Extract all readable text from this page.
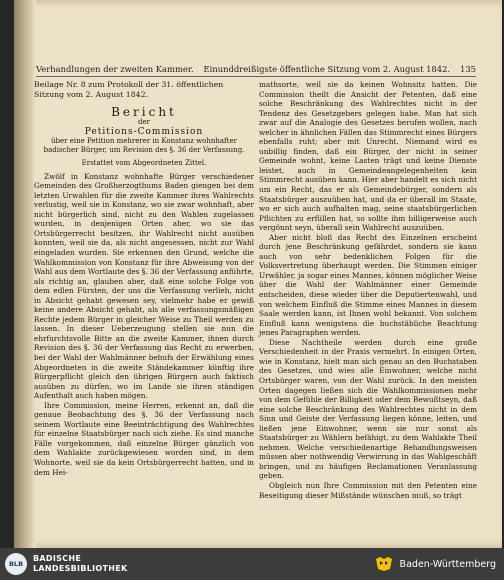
Verhandlungen der zweiten Kammer. Einunddreißigste öffentliche Sitzung vom 2. August 1842. 135

Beilage Nr. 8 zum Protokoll der 31. öffentlichen Sitzung vom 2. August 1842.

Bericht

der

Petitions-Commission

über eine Petition mehrerer in Konstanz wohnhafter badischer Bürger, um Revision des §. 36 der Verfassung.

Erstattet vom Abgeordneten Zittel.

Zwölf in Konstanz wohnhafte Bürger verschiedener Gemeinden des Großherzogthums Baden giengen bei dem letzten Urwahlen für die zweite Kammer ihres Wahlrechts verlustig, weil sie in Konstanz, wo sie zwar wohnhaft, aber nicht bürgerlich sind, nicht zu den Wahlen zugelassen wurden, in denjenigen Orten aber, wo sie das Ortsbürgerrecht besitzen, ihr Wahlrecht nicht ausüben konnten, weil sie da, als nicht angesessen, nicht zur Wahl eingeladen wurden. Sie erkennen den Grund, welche die Wahlkommission von Konstanz für ihre Abweisung von der Wahl aus dem Wortlaute des §. 36 der Verfassung anführte, als richtig an, glauben aber, daß eine solche Folge von dem edlen Fürsten, der uns die Verfassung verlieh, nicht in Absicht gehabt gewesen sey, vielmehr habe er gewiß keine andere Absicht gehabt, als alle verfassungsmäßigen Rechte jedem Bürger in gleicher Weise zu Theil werden zu lassen. In dieser Ueberzeugung stellen sie nun die ehrfurchtsvolle Bitte an die zweite Kammer, ihnen durch Revision des §. 36 der Verfassung das Recht zu erwerben, bei der Wahl der Wahlmänner behufs der Erwählung eines Abgeordneten in die zweite Ständekammer künftig ihre Bürgerpflicht gleich den übrigen Bürgern auch faktisch ausüben zu dürfen, wo im Lande sie ihren ständigen Aufenthalt auch haben mögen.

Ihre Commission, meine Herren, erkennt an, daß die genaue Beobachtung des §. 36 der Verfassung nach seinem Wortlaute eine Beeinträchtigung des Wahlrechtes für einzelne Staatsbürger nach sich ziehe. Es sind manche Fälle vorgekommen, daß einzelne Bürger gänzlich von dem Wahlakte zurückgewiesen worden sind, in dem Wohnorte, weil sie da kein Ortsbürgerrecht hatten, und in dem Hei-

mathsorte, weil sie da keinen Wohnsitz hatten. Die Commission theilt die Ansicht der Petenten, daß eine solche Beschränkung des Wahlrechtes nicht in der Tendenz des Gesetzgebers gelegen habe. Man hat sich zwar auf die Analogie des Gesetzes berufen wollen, nach welcher in ähnlichen Fällen das Stimmrecht eines Bürgers ebenfalls ruht; aber mit Unrecht. Niemand wird es unbillig finden, daß ein Bürger, der nicht in seiner Gemeinde wohnt, keine Lasten trägt und keine Dienste leistet, auch in Gemeindeangelegenheiten kein Stimmrecht ausüben kann. Hier aber handelt es sich nicht um ein Recht, das er als Gemeindebürger, sondern als Staatsbürger auszuüben hat, und da er überall im Staate, wo er sich auch aufhalten mag, seine staatsbürgerlichen Pflichten zu erfüllen hat, so sollte ihm billigerweise auch vergönnt seyn, überall sein Wahlrecht auszuüben.

Aber nicht bloß das Recht des Einzelnen erscheint durch jene Beschränkung gefährdet, sondern sie kann auch von sehr bedenklichen Folgen für die Volksvertretung überhaupt werden. Die Stimmen einiger Urwähler, ja sogar eines Mannes, können möglicher Weise über die Wahl der Wahlmänner einer Gemeinde entscheiden, diese wieder über die Deputiertenwahl, und von welchem Einfluß die Stimme eines Mannes in diesem Saale werden kann, ist Ihnen wohl bekannt. Von solchem Einfluß kann wenigstens die buchstäbliche Beachtung jenes Paragraphen werden.

Diese Nachtheile werden durch eine große Verschiedenheit in der Praxis vermehrt. In einigen Orten, wie in Konstanz, hielt man sich genau an den Buchstaben des Gesetzes, und wies alle Einwohner, welche nicht Ortsbürger waren, von der Wahl zurück. In den meisten Orten dagegen ließen sich die Wahlkommissionen mehr von dem Gefühle der Billigkeit oder dem Bewußtseyn, daß eine solche Beschränkung des Wahlrechtes nicht in dem Sinn und Geiste der Verfassung liegen könne, leiten, und ließen jene Einwohner, wenn sie nur sonst als Staatsbürger zu Wählern befähigt, zu dem Wahlakte Theil nehmen. Welche verschiedenartige Behandlungsweisen müssen aber nothwendig Verwirrung in das Wahlgeschäft bringen, und zu häufigen Reclamationen Veranlassung geben.

Obgleich nun Ihre Commission mit den Petenten eine Beseitigung dieser Mißstände wünschen muß, so trägt

BLB
BADISCHE
LANDESBIBLIOTHEK	Baden-Württemberg
